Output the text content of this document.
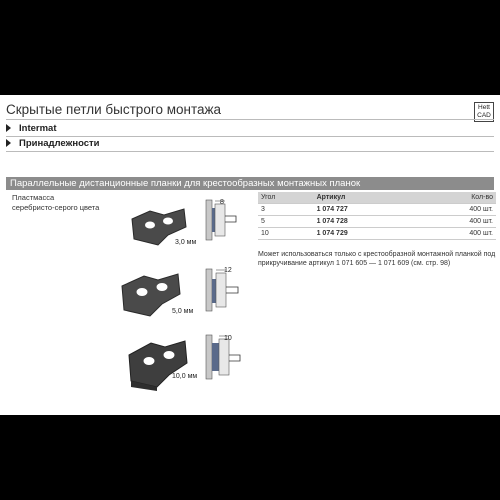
Скрытые петли быстрого монтажа	Hett
CAD
Intermat
Принадлежности
Параллельные дистанционные планки для крестообразных монтажных планок
Пластмасса
серебристо-серого цвета
3,0 мм
8
5,0 мм
12
10,0 мм
10
Угол	Артикул	Кол-во
3	1 074 727	400 шт.
5	1 074 728	400 шт.
10	1 074 729	400 шт.
Может использоваться только с крестообразной монтажной планкой под прикручивание артикул 1 071 605 — 1 071 609 (см. стр. 98)
